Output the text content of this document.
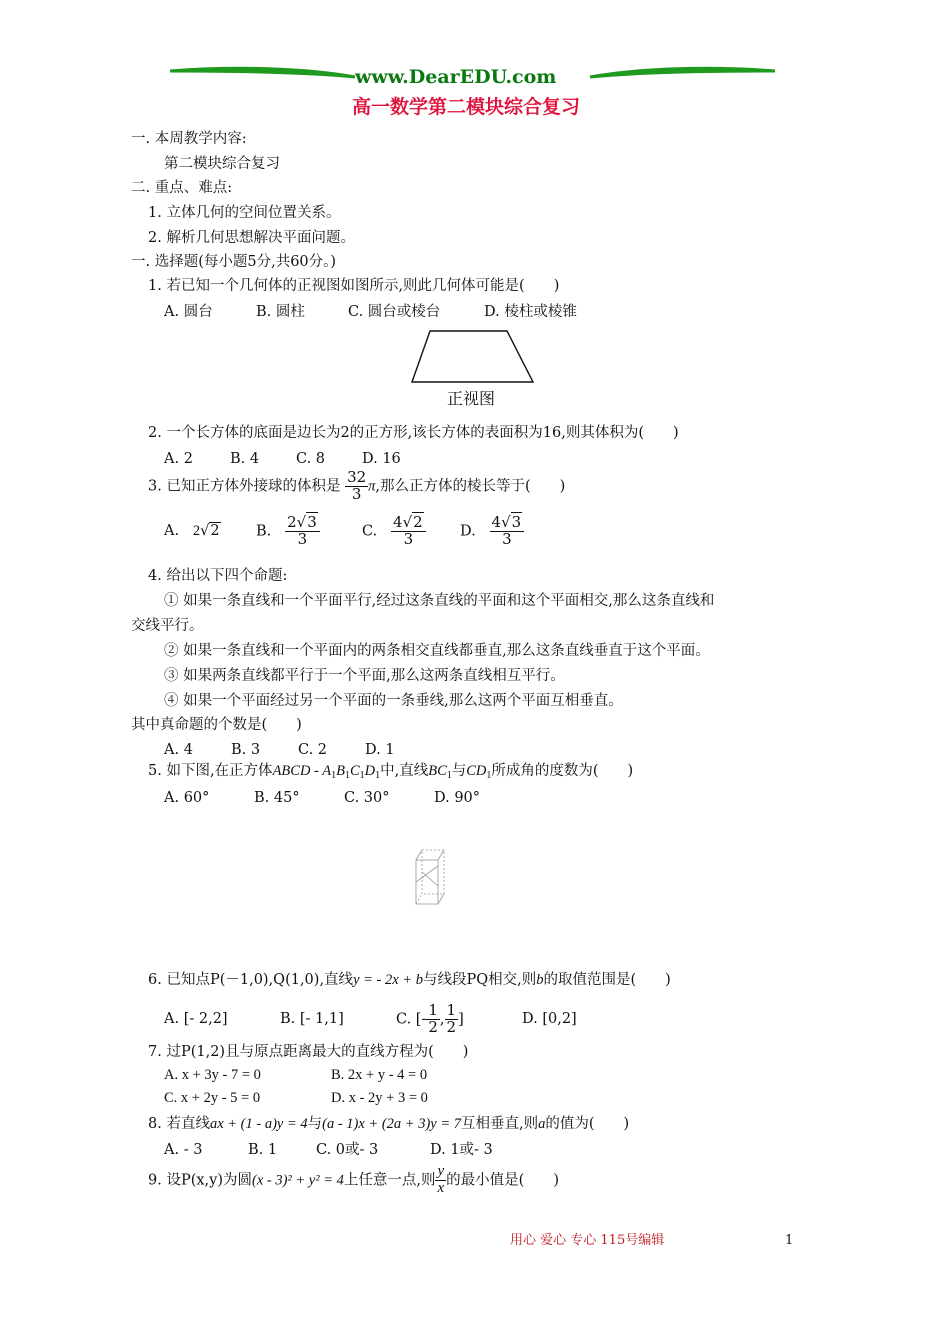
www.DearEDU.com
高一数学第二模块综合复习
一. 本周教学内容:
第二模块综合复习
二. 重点、难点:
1. 立体几何的空间位置关系。
2. 解析几何思想解决平面问题。
一. 选择题(每小题5分,共60分。)
1. 若已知一个几何体的正视图如图所示,则此几何体可能是(　　)
A. 圆台	B. 圆柱	C. 圆台或棱台	D. 棱柱或棱锥
正视图
2. 一个长方体的底面是边长为2的正方形,该长方体的表面积为16,则其体积为(　　)
A. 2	B. 4	C. 8	D. 16
3. 已知正方体外接球的体积是 $\frac{32}{3} \pi$,那么正方体的棱长等于(　　)
A. 2√2	B. $\frac{2√3}{3}$	C. $\frac{4√2}{3} D$. $\frac{4√3}{3}$
4. 给出以下四个命题:
① 如果一条直线和一个平面平行,经过这条直线的平面和这个平面相交,那么这条直线和
交线平行。
② 如果一条直线和一个平面内的两条相交直线都垂直,那么这条直线垂直于这个平面。
③ 如果两条直线都平行于一个平面,那么这两条直线相互平行。
④ 如果一个平面经过另一个平面的一条垂线,那么这两个平面互相垂直。
其中真命题的个数是(　　)
A. 4	B. 3	C. 2	D. 1
5. 如下图,在正方体ABCD - $A_1B_1C_1D_1$中,直线$BC_1$与$CD_1$所成角的度数为(　　)
A. 60°	B. 45°	C. 30°	D. 90°
6. 已知点P(－1,0),Q(1,0),直线y = - 2x + b与线段PQ相交,则b的取值范围是(　　)
A. [- 2,2]	B. [- 1,1]	C. [- $\frac{1}{2}$ , $\frac{1}{2}$ ]	D. [0,2]
7. 过P(1,2)且与原点距离最大的直线方程为(　　)
A. x + 3y - 7 = 0	B. 2x + y - 4 = 0
C. x + 2y - 5 = 0	D. x - 2y + 3 = 0
8. 若直线ax + (1 - a)y = 4与(a - 1)x + (2a + 3)y = 7互相垂直,则a的值为(　　)
A. - 3	B. 1	C. 0或- 3	D. 1或- 3
9. 设P(x,y)为圆(x - 3)² + y² = 4上任意一点,则 $\frac{y}{x}$ 的最小值是(　　)
用心 爱心 专心 115号编辑	1
